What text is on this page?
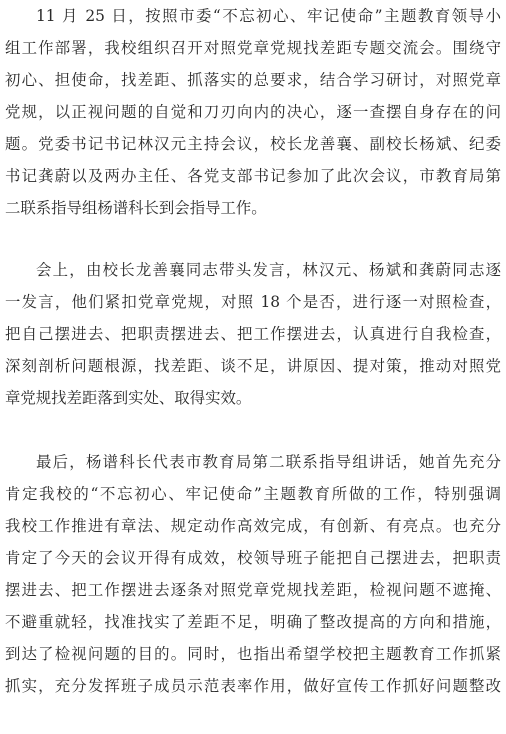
11 月 25 日，按照市委“不忘初心、牢记使命”主题教育领导小
组工作部署，我校组织召开对照党章党规找差距专题交流会。围绕守
初心、担使命，找差距、抓落实的总要求，结合学习研讨，对照党章
党规，以正视问题的自觉和刀刃向内的决心，逐一查摆自身存在的问
题。党委书记书记林汉元主持会议，校长龙善襄、副校长杨斌、纪委
书记龚蔚以及两办主任、各党支部书记参加了此次会议，市教育局第
二联系指导组杨谱科长到会指导工作。
会上，由校长龙善襄同志带头发言，林汉元、杨斌和龚蔚同志逐
一发言，他们紧扣党章党规，对照 18 个是否，进行逐一对照检查，
把自己摆进去、把职责摆进去、把工作摆进去，认真进行自我检查，
深刻剖析问题根源，找差距、谈不足，讲原因、提对策，推动对照党
章党规找差距落到实处、取得实效。
最后，杨谱科长代表市教育局第二联系指导组讲话，她首先充分
肯定我校的“不忘初心、牢记使命”主题教育所做的工作，特别强调
我校工作推进有章法、规定动作高效完成，有创新、有亮点。也充分
肯定了今天的会议开得有成效，校领导班子能把自己摆进去，把职责
摆进去、把工作摆进去逐条对照党章党规找差距，检视问题不遮掩、
不避重就轻，找准找实了差距不足，明确了整改提高的方向和措施，
到达了检视问题的目的。同时，也指出希望学校把主题教育工作抓紧
抓实，充分发挥班子成员示范表率作用，做好宣传工作抓好问题整改
